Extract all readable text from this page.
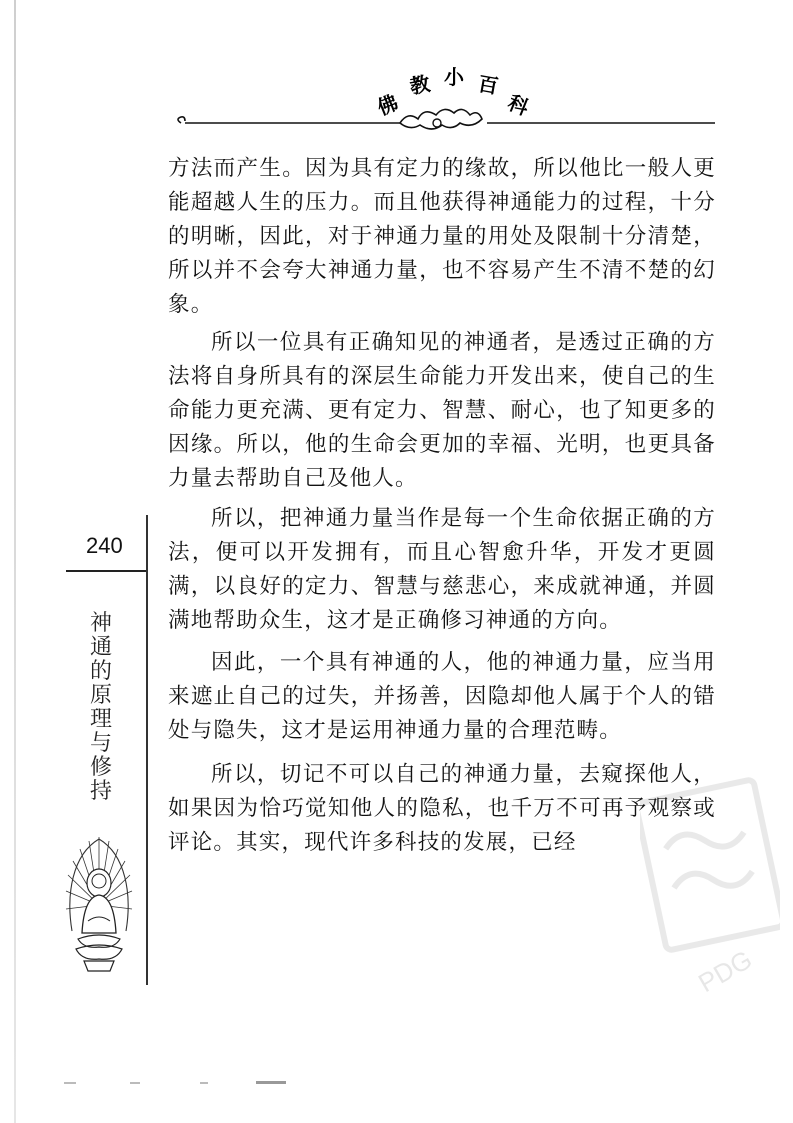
佛
教 小 百
科

方法而产生。因为具有定力的缘故，所以他比一般人更能超越人生的压力。而且他获得神通能力的过程，十分的明晰，因此，对于神通力量的用处及限制十分清楚，所以并不会夸大神通力量，也不容易产生不清不楚的幻象。

所以一位具有正确知见的神通者，是透过正确的方法将自身所具有的深层生命能力开发出来，使自己的生命能力更充满、更有定力、智慧、耐心，也了知更多的因缘。所以，他的生命会更加的幸福、光明，也更具备力量去帮助自己及他人。

所以，把神通力量当作是每一个生命依据正确的方法，便可以开发拥有，而且心智愈升华，开发才更圆满，以良好的定力、智慧与慈悲心，来成就神通，并圆满地帮助众生，这才是正确修习神通的方向。

因此，一个具有神通的人，他的神通力量，应当用来遮止自己的过失，并扬善，因隐却他人属于个人的错处与隐失，这才是运用神通力量的合理范畴。

所以，切记不可以自己的神通力量，去窥探他人，如果因为恰巧觉知他人的隐私，也千万不可再予观察或评论。其实，现代许多科技的发展，已经

240
神
通
的
原
理
与
修
持
PDG
